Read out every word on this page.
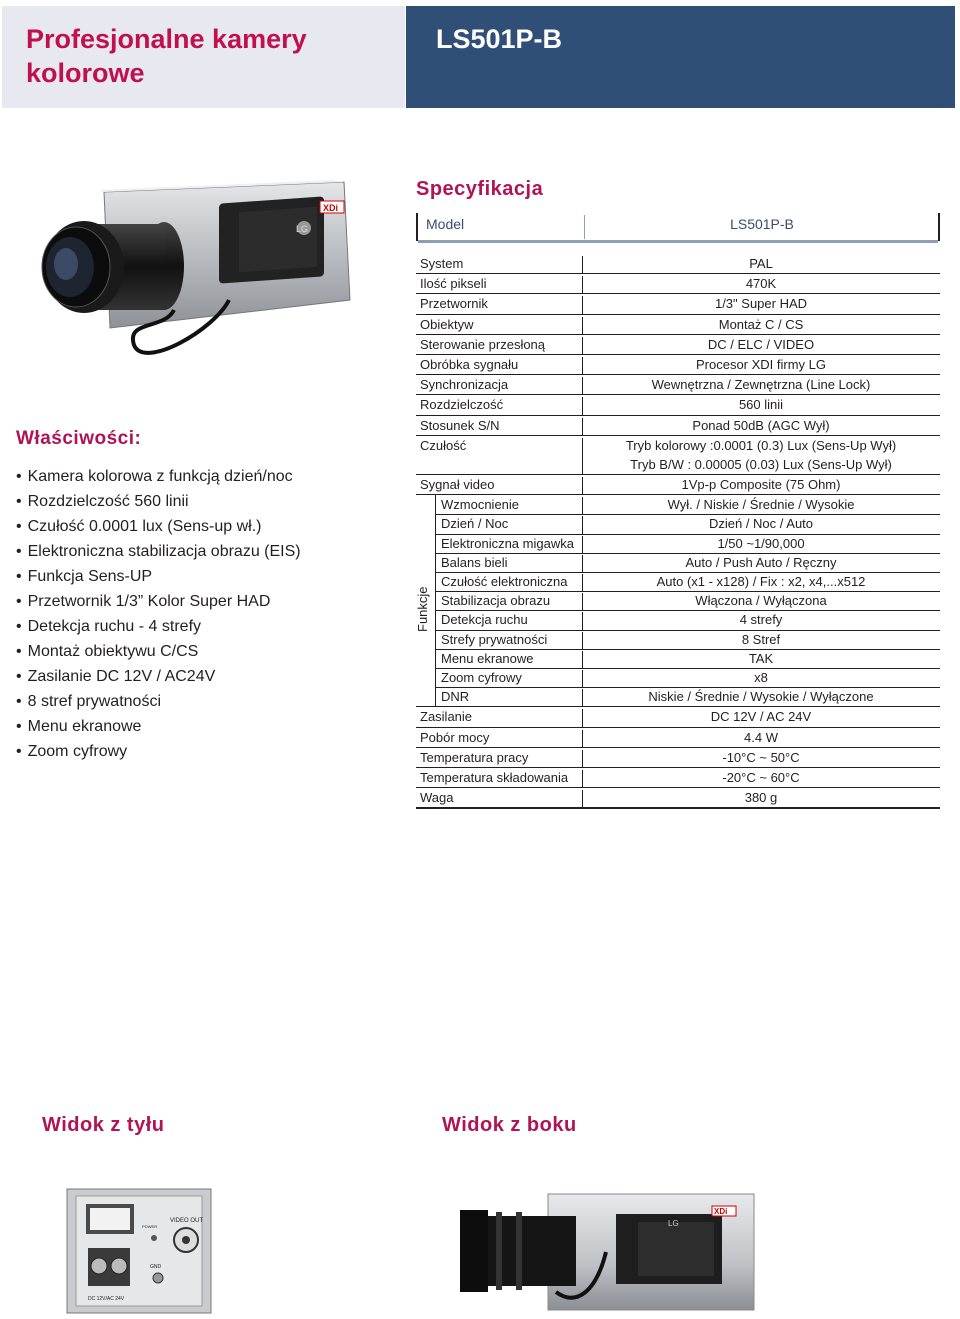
Profesjonalne kamery kolorowe
LS501P-B
XDi
LG
Specyfikacja
Właściwości:
• Kamera kolorowa z funkcją dzień/noc
• Rozdzielczość 560 linii
• Czułość 0.0001 lux (Sens-up wł.)
• Elektroniczna stabilizacja obrazu (EIS)
• Funkcja Sens-UP
• Przetwornik 1/3” Kolor Super HAD
• Detekcja ruchu - 4 strefy
• Montaż obiektywu C/CS
• Zasilanie DC 12V / AC24V
• 8 stref prywatności
• Menu ekranowe
• Zoom cyfrowy
Model	LS501P-B
System	PAL
Ilość pikseli	470K
Przetwornik	1/3" Super HAD
Obiektyw	Montaż C / CS
Sterowanie przesłoną	DC / ELC / VIDEO
Obróbka sygnału	Procesor XDI firmy LG
Synchronizacja	Wewnętrzna / Zewnętrzna (Line Lock)
Rozdzielczość	560 linii
Stosunek S/N	Ponad 50dB (AGC Wył)
Czułość	Tryb kolorowy :0.0001 (0.3) Lux (Sens-Up Wył)
Tryb B/W : 0.00005 (0.03) Lux (Sens-Up Wył)
Sygnał video	1Vp-p Composite (75 Ohm)
Wzmocnienie	Wył. / Niskie / Średnie / Wysokie
Dzień / Noc	Dzień / Noc / Auto
Elektroniczna migawka	1/50 ~1/90,000
Balans bieli	Auto / Push Auto / Ręczny
Czułość elektroniczna	Auto (x1 - x128) / Fix : x2, x4,...x512
Stabilizacja obrazu	Włączona / Wyłączona
Detekcja ruchu	4 strefy
Strefy prywatności	8 Stref
Menu ekranowe	TAK
Zoom cyfrowy	x8
DNR	Niskie / Średnie / Wysokie / Wyłączone
Zasilanie	DC 12V / AC 24V
Pobór mocy	4.4 W
Temperatura pracy	-10°C ~ 50°C
Temperatura składowania	-20°C ~ 60°C
Waga	380 g
Funkcje
Widok z tyłu	Widok z boku
VIDEO OUT
POWER
GND
DC 12V/AC 24V
XDi
LG
